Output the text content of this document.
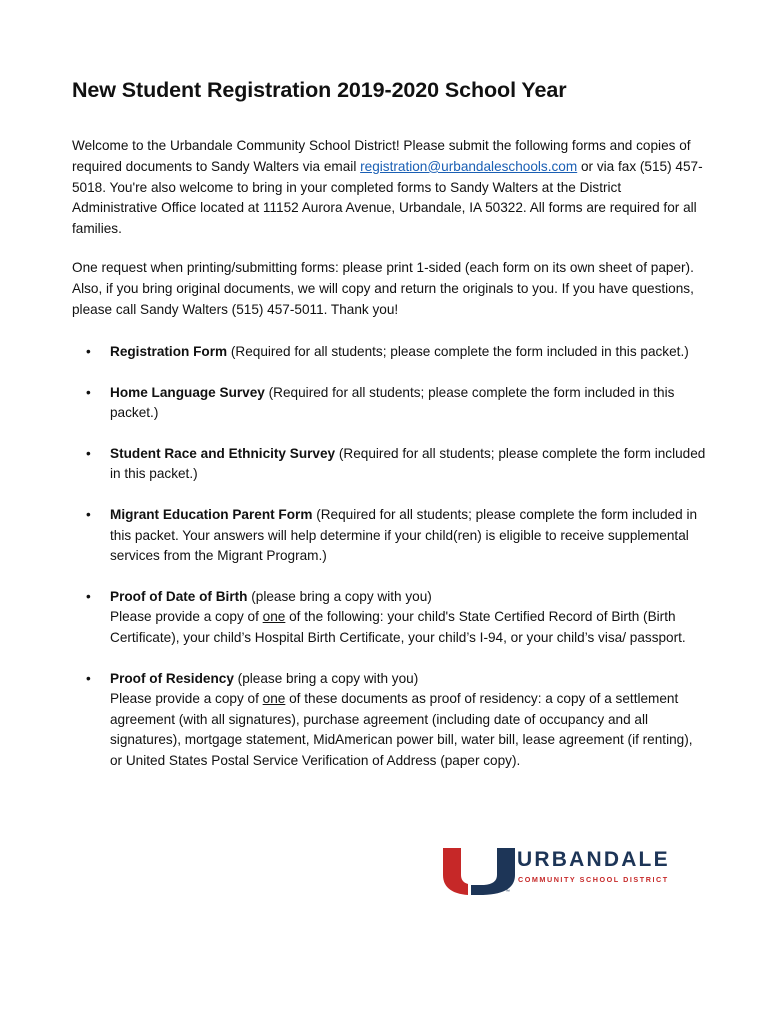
New Student Registration 2019-2020 School Year
Welcome to the Urbandale Community School District! Please submit the following forms and copies of required documents to Sandy Walters via email registration@urbandaleschools.com or via fax (515) 457-5018. You're also welcome to bring in your completed forms to Sandy Walters at the District Administrative Office located at 11152 Aurora Avenue, Urbandale, IA 50322. All forms are required for all families.
One request when printing/submitting forms: please print 1-sided (each form on its own sheet of paper). Also, if you bring original documents, we will copy and return the originals to you. If you have questions, please call Sandy Walters (515) 457-5011. Thank you!
• Registration Form (Required for all students; please complete the form included in this packet.)
• Home Language Survey (Required for all students; please complete the form included in this packet.)
• Student Race and Ethnicity Survey (Required for all students; please complete the form included in this packet.)
• Migrant Education Parent Form (Required for all students; please complete the form included in this packet. Your answers will help determine if your child(ren) is eligible to receive supplemental services from the Migrant Program.)
• Proof of Date of Birth (please bring a copy with you)
Please provide a copy of one of the following: your child's State Certified Record of Birth (Birth Certificate), your child’s Hospital Birth Certificate, your child’s I-94, or your child’s visa/ passport.
• Proof of Residency (please bring a copy with you)
Please provide a copy of one of these documents as proof of residency: a copy of a settlement agreement (with all signatures), purchase agreement (including date of occupancy and all signatures), mortgage statement, MidAmerican power bill, water bill, lease agreement (if renting), or United States Postal Service Verification of Address (paper copy).
URBANDALE
COMMUNITY SCHOOL DISTRICT
™
